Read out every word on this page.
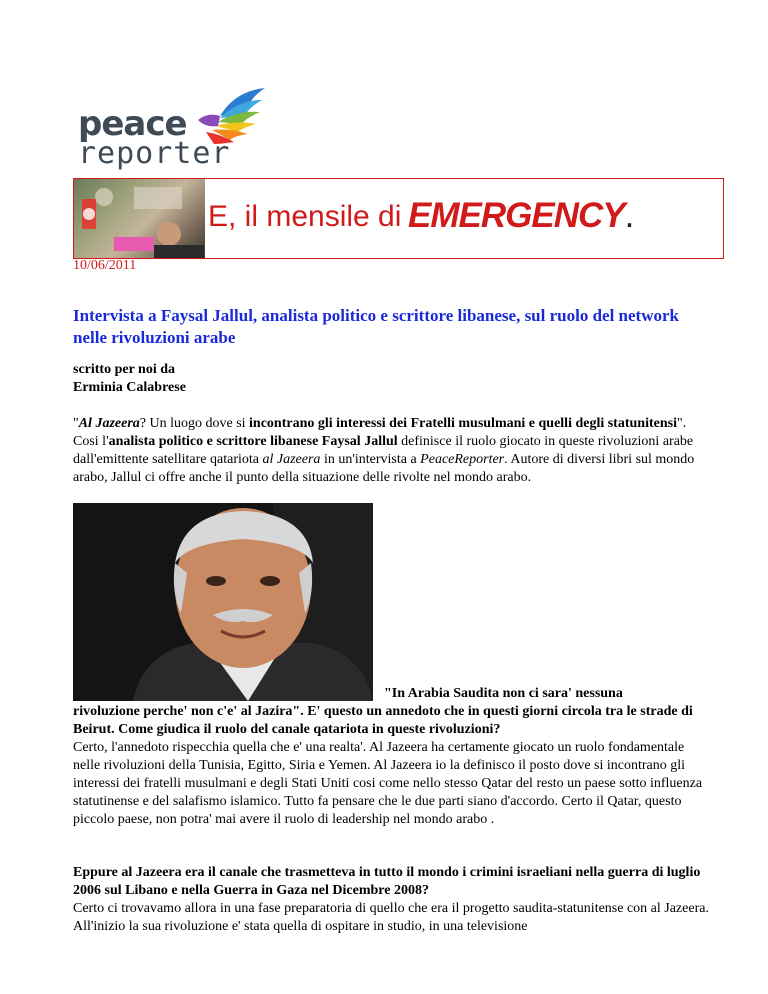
peace
reporter
E, il mensile di EMERGENCY.
10/06/2011
Intervista a Faysal Jallul, analista politico e scrittore libanese, sul ruolo del network nelle rivoluzioni arabe
scritto per noi da
Erminia Calabrese

"Al Jazeera? Un luogo dove si incontrano gli interessi dei Fratelli musulmani e quelli degli statunitensi". Cosi l'analista politico e scrittore libanese Faysal Jallul definisce il ruolo giocato in queste rivoluzioni arabe dall'emittente satellitare qatariota al Jazeera in un'intervista a PeaceReporter. Autore di diversi libri sul mondo arabo, Jallul ci offre anche il punto della situazione delle rivolte nel mondo arabo.

"In Arabia Saudita non ci sara' nessuna

rivoluzione perche' non c'e' al Jazira". E' questo un annedoto che in questi giorni circola tra le strade di Beirut. Come giudica il ruolo del canale qatariota in queste rivoluzioni?

Certo, l'annedoto rispecchia quella che e' una realta'. Al Jazeera ha certamente giocato un ruolo fondamentale nelle rivoluzioni della Tunisia, Egitto, Siria e Yemen. Al Jazeera io la definisco il posto dove si incontrano gli interessi dei fratelli musulmani e degli Stati Uniti cosi come nello stesso Qatar del resto un paese sotto influenza statutinense e del salafismo islamico. Tutto fa pensare che le due parti siano d'accordo. Certo il Qatar, questo piccolo paese, non potra' mai avere il ruolo di leadership nel mondo arabo .

Eppure al Jazeera era il canale che trasmetteva in tutto il mondo i crimini israeliani nella guerra di luglio 2006 sul Libano e nella Guerra in Gaza nel Dicembre 2008?

Certo ci trovavamo allora in una fase preparatoria di quello che era il progetto saudita-statunitense con al Jazeera. All'inizio la sua rivoluzione e' stata quella di ospitare in studio, in una televisione
